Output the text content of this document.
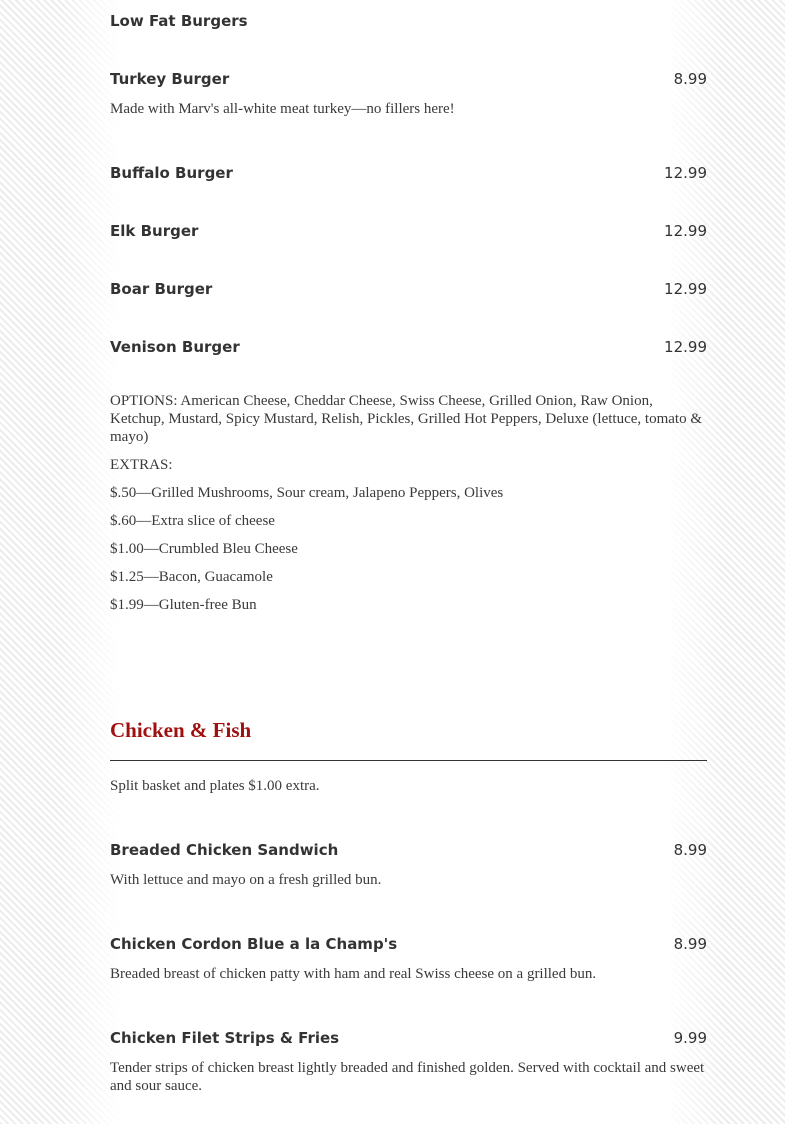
Low Fat Burgers
Turkey Burger	8.99
Made with Marv's all-white meat turkey—no fillers here!
Buffalo Burger	12.99
Elk Burger	12.99
Boar Burger	12.99
Venison Burger	12.99
OPTIONS: American Cheese, Cheddar Cheese, Swiss Cheese, Grilled Onion, Raw Onion, Ketchup, Mustard, Spicy Mustard, Relish, Pickles, Grilled Hot Peppers, Deluxe (lettuce, tomato & mayo)
EXTRAS:
$.50—Grilled Mushrooms, Sour cream, Jalapeno Peppers, Olives
$.60—Extra slice of cheese
$1.00—Crumbled Bleu Cheese
$1.25—Bacon, Guacamole
$1.99—Gluten-free Bun
Chicken & Fish
Split basket and plates $1.00 extra.
Breaded Chicken Sandwich	8.99
With lettuce and mayo on a fresh grilled bun.
Chicken Cordon Blue a la Champ's	8.99
Breaded breast of chicken patty with ham and real Swiss cheese on a grilled bun.
Chicken Filet Strips & Fries	9.99
Tender strips of chicken breast lightly breaded and finished golden. Served with cocktail and sweet and sour sauce.
